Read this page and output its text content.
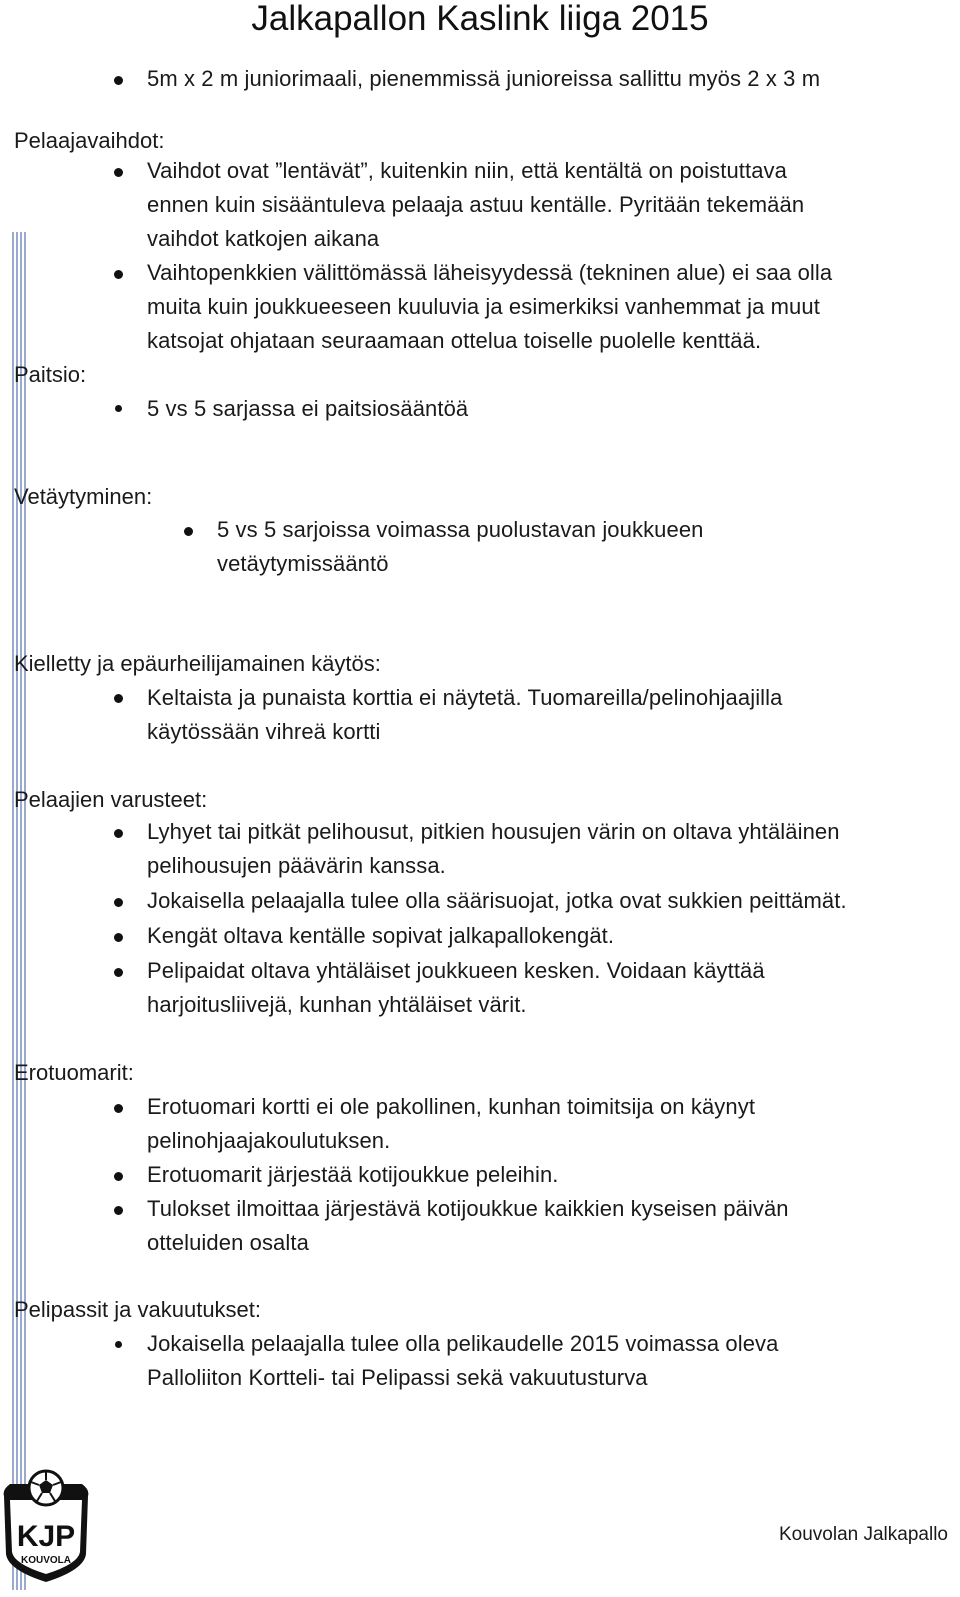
Jalkapallon Kaslink liiga 2015
5m x 2 m juniorimaali, pienemmissä junioreissa sallittu myös 2 x 3 m
Pelaajavaihdot:
Vaihdot ovat ”lentävät”, kuitenkin niin, että kentältä on poistuttava
ennen kuin sisääntuleva pelaaja astuu kentälle. Pyritään tekemään
vaihdot katkojen aikana
Vaihtopenkkien välittömässä läheisyydessä (tekninen alue) ei saa olla
muita kuin joukkueeseen kuuluvia ja esimerkiksi vanhemmat ja muut
katsojat ohjataan seuraamaan ottelua toiselle puolelle kenttää.
Paitsio:
5 vs 5 sarjassa ei paitsiosääntöä
Vetäytyminen:
5 vs 5 sarjoissa voimassa puolustavan joukkueen
vetäytymissääntö
Kielletty ja epäurheilijamainen käytös:
Keltaista ja punaista korttia ei näytetä. Tuomareilla/pelinohjaajilla
käytössään vihreä kortti
Pelaajien varusteet:
Lyhyet tai pitkät pelihousut, pitkien housujen värin on oltava yhtäläinen
pelihousujen päävärin kanssa.
Jokaisella pelaajalla tulee olla säärisuojat, jotka ovat sukkien peittämät.
Kengät oltava kentälle sopivat jalkapallokengät.
Pelipaidat oltava yhtäläiset joukkueen kesken. Voidaan käyttää
harjoitusliivejä, kunhan yhtäläiset värit.
Erotuomarit:
Erotuomari kortti ei ole pakollinen, kunhan toimitsija on käynyt
pelinohjaajakoulutuksen.
Erotuomarit järjestää kotijoukkue peleihin.
Tulokset ilmoittaa järjestävä kotijoukkue kaikkien kyseisen päivän
otteluiden osalta
Pelipassit ja vakuutukset:
Jokaisella pelaajalla tulee olla pelikaudelle 2015 voimassa oleva
Palloliiton Kortteli- tai Pelipassi sekä vakuutusturva
KJP
KOUVOLA
Kouvolan Jalkapallo
